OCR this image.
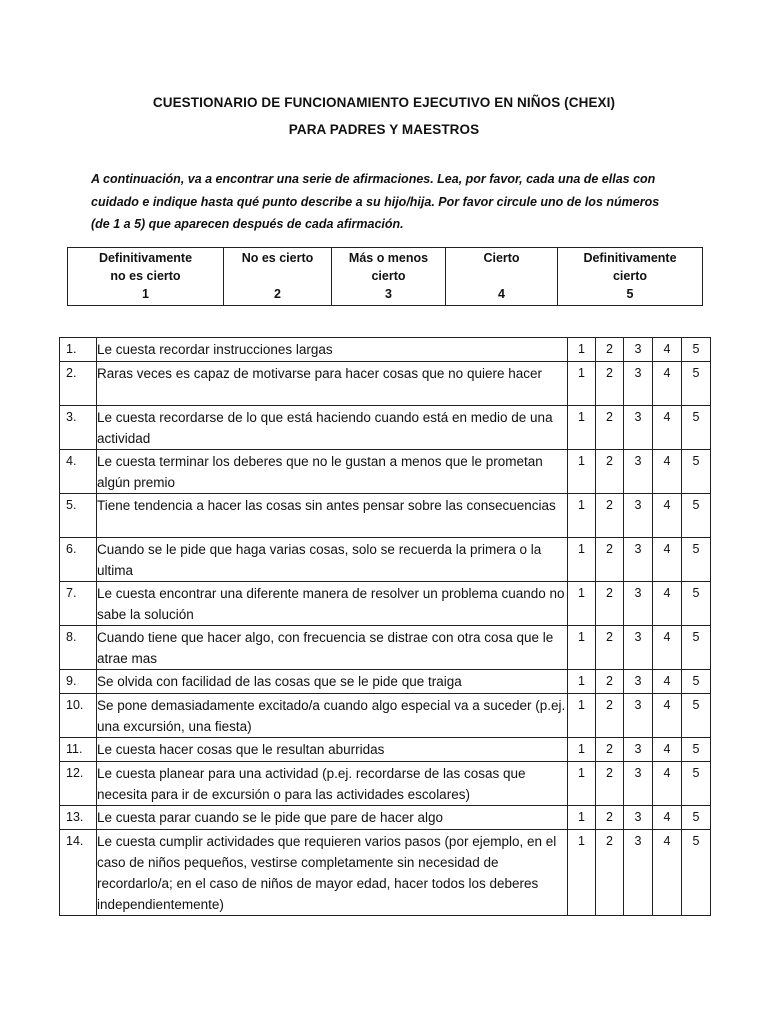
CUESTIONARIO DE FUNCIONAMIENTO EJECUTIVO EN NIÑOS (CHEXI)
PARA PADRES Y MAESTROS
A continuación, va a encontrar una serie de afirmaciones. Lea, por favor, cada una de ellas con cuidado e indique hasta qué punto describe a su hijo/hija. Por favor circule uno de los números (de 1 a 5) que aparecen después de cada afirmación.
Definitivamente no es cierto
1

No es cierto
2

Más o menos cierto
3

Cierto
4

Definitivamente cierto
5
1.	Le cuesta recordar instrucciones largas	1	2	3	4	5
2.	Raras veces es capaz de motivarse para hacer cosas que no quiere hacer	1	2	3	4	5
3.	Le cuesta recordarse de lo que está haciendo cuando está en medio de una actividad	1	2	3	4	5
4.	Le cuesta terminar los deberes que no le gustan a menos que le prometan algún premio	1	2	3	4	5
5.	Tiene tendencia a hacer las cosas sin antes pensar sobre las consecuencias	1	2	3	4	5
6.	Cuando se le pide que haga varias cosas, solo se recuerda la primera o la ultima	1	2	3	4	5
7.	Le cuesta encontrar una diferente manera de resolver un problema cuando no sabe la solución	1	2	3	4	5
8.	Cuando tiene que hacer algo, con frecuencia se distrae con otra cosa que le atrae mas	1	2	3	4	5
9.	Se olvida con facilidad de las cosas que se le pide que traiga	1	2	3	4	5
10.	Se pone demasiadamente excitado/a cuando algo especial va a suceder (p.ej. una excursión, una fiesta)	1	2	3	4	5
11.	Le cuesta hacer cosas que le resultan aburridas	1	2	3	4	5
12.	Le cuesta planear para una actividad (p.ej. recordarse de las cosas que necesita para ir de excursión o para las actividades escolares)	1	2	3	4	5
13.	Le cuesta parar cuando se le pide que pare de hacer algo	1	2	3	4	5
14.	Le cuesta cumplir actividades que requieren varios pasos (por ejemplo, en el caso de niños pequeños, vestirse completamente sin necesidad de recordarlo/a; en el caso de niños de mayor edad, hacer todos los deberes independientemente)	1	2	3	4	5
